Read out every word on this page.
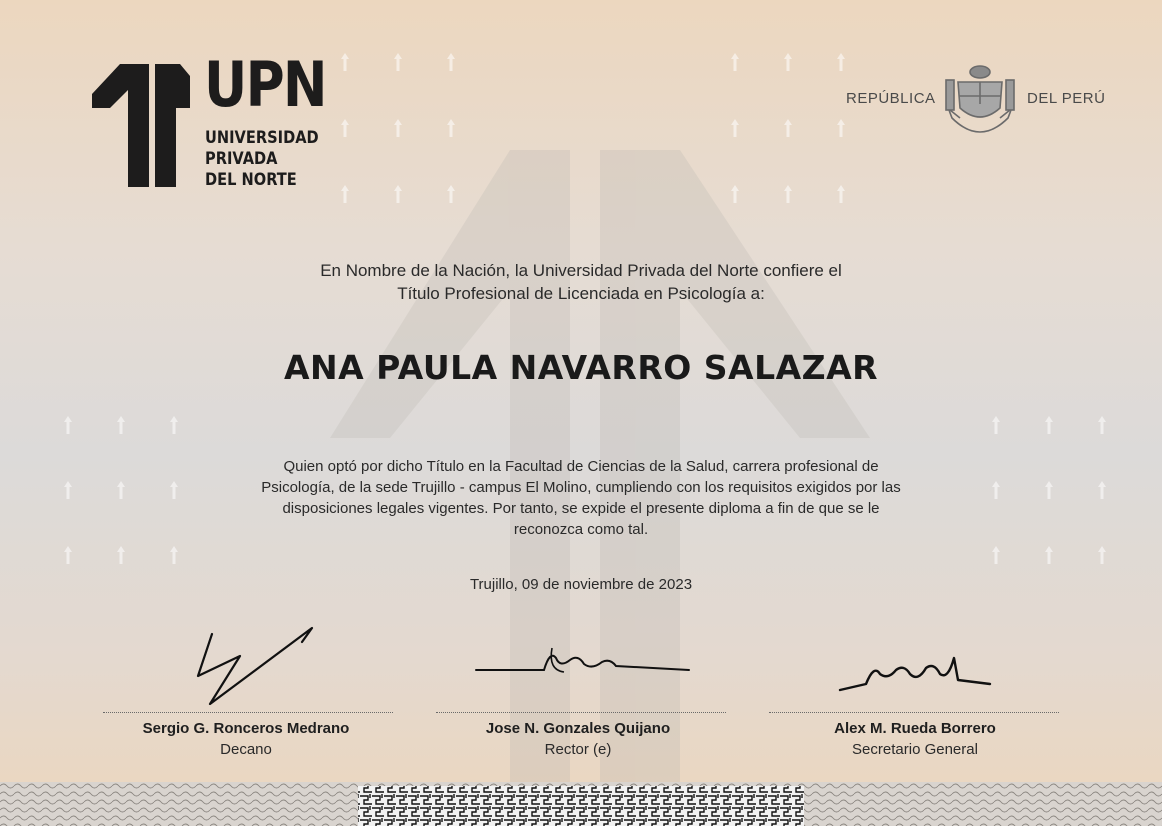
UPN
UNIVERSIDAD
PRIVADA
DEL NORTE
REPÚBLICA	DEL PERÚ
En Nombre de la Nación, la Universidad Privada del Norte confiere el
Título Profesional de Licenciada en Psicología a:
ANA PAULA NAVARRO SALAZAR
Quien optó por dicho Título en la Facultad de Ciencias de la Salud, carrera profesional de
Psicología, de la sede Trujillo - campus El Molino, cumpliendo con los requisitos exigidos por las
disposiciones legales vigentes. Por tanto, se expide el presente diploma a fin de que se le
reconozca como tal.
Trujillo, 09 de noviembre de 2023
Sergio G. Ronceros Medrano
Decano
Jose N. Gonzales Quijano
Rector (e)
Alex M. Rueda Borrero
Secretario General
